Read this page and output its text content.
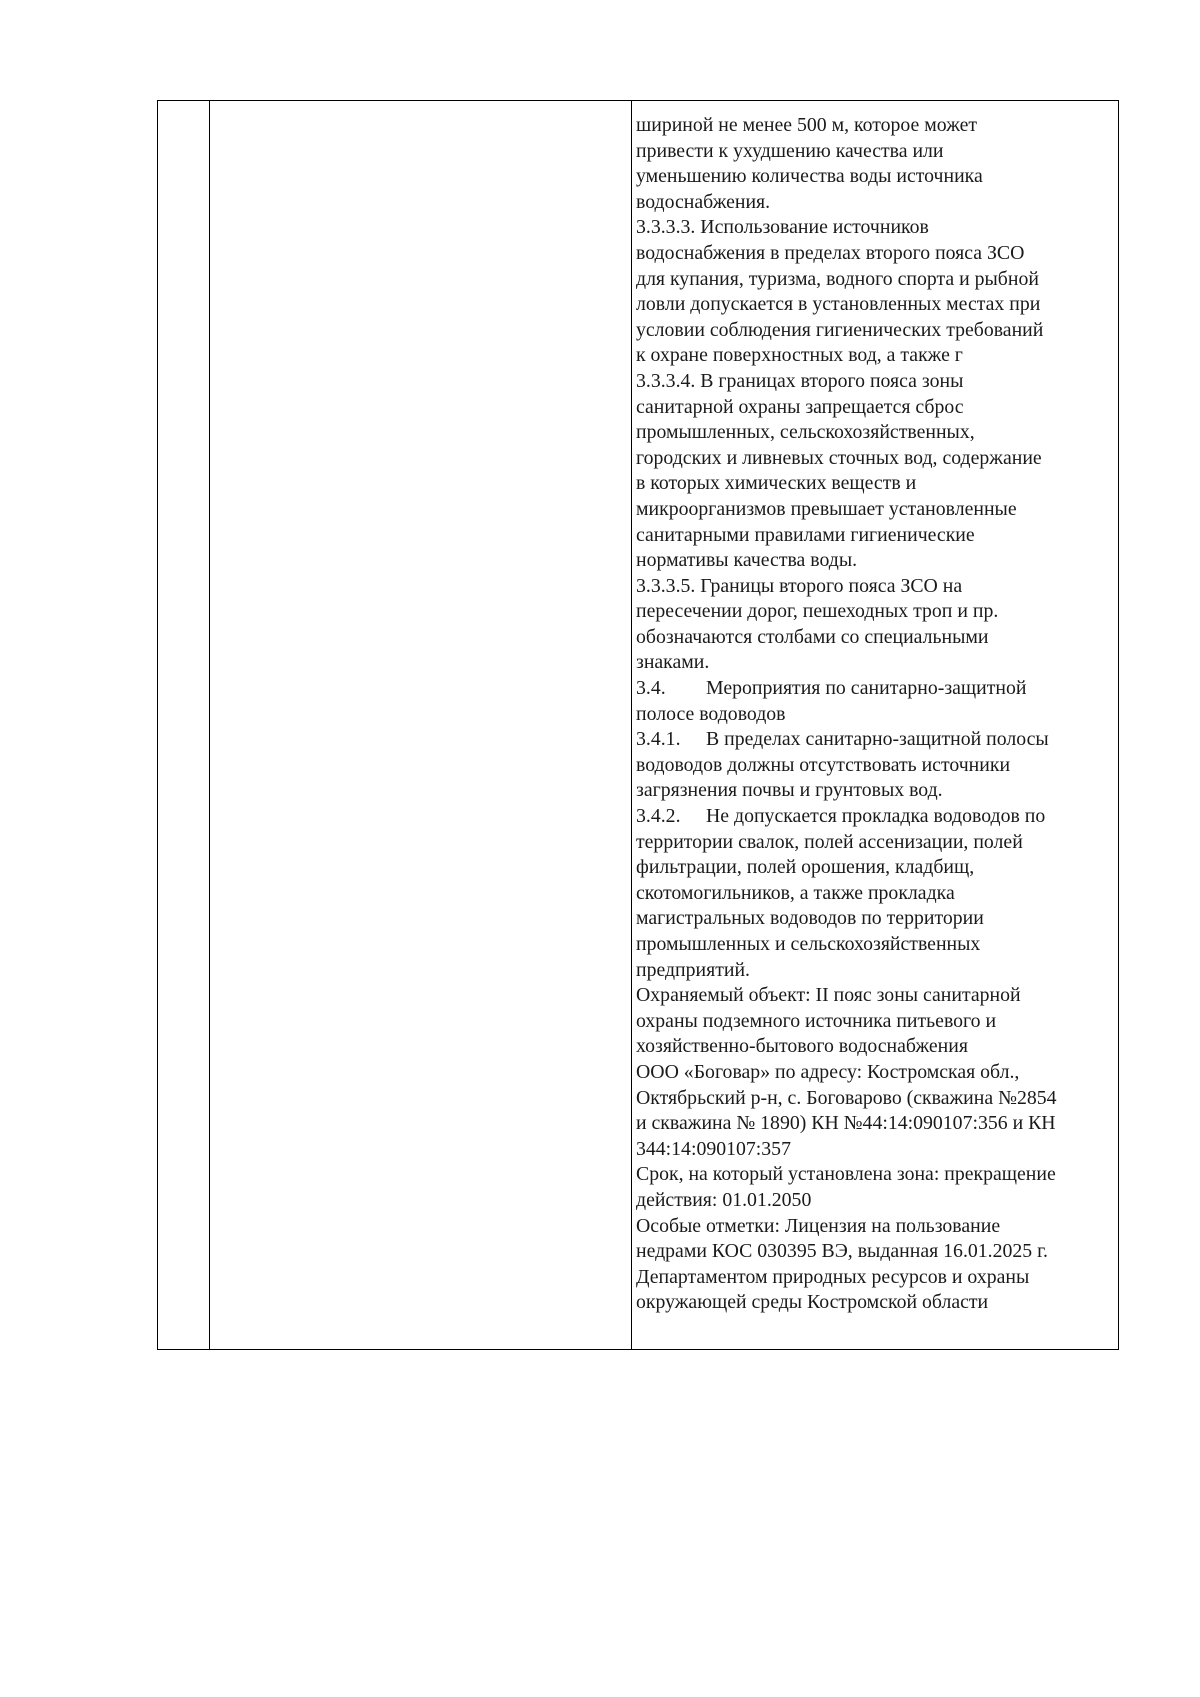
шириной не менее 500 м, которое может
привести к ухудшению качества или
уменьшению количества воды источника
водоснабжения.
3.3.3.3. Использование источников
водоснабжения в пределах второго пояса ЗСО
для купания, туризма, водного спорта и рыбной
ловли допускается в установленных местах при
условии соблюдения гигиенических требований
к охране поверхностных вод, а также г
3.3.3.4. В границах второго пояса зоны
санитарной охраны запрещается сброс
промышленных, сельскохозяйственных,
городских и ливневых сточных вод, содержание
в которых химических веществ и
микроорганизмов превышает установленные
санитарными правилами гигиенические
нормативы качества воды.
3.3.3.5. Границы второго пояса ЗСО на
пересечении дорог, пешеходных троп и пр.
обозначаются столбами со специальными
знаками.
3.4. Мероприятия по санитарно-защитной
полосе водоводов
3.4.1. В пределах санитарно-защитной полосы
водоводов должны отсутствовать источники
загрязнения почвы и грунтовых вод.
3.4.2. Не допускается прокладка водоводов по
территории свалок, полей ассенизации, полей
фильтрации, полей орошения, кладбищ,
скотомогильников, а также прокладка
магистральных водоводов по территории
промышленных и сельскохозяйственных
предприятий.
Охраняемый объект: II пояс зоны санитарной
охраны подземного источника питьевого и
хозяйственно-бытового водоснабжения
ООО «Боговар» по адресу: Костромская обл.,
Октябрьский р-н, с. Боговарово (скважина №2854
и скважина № 1890) КН №44:14:090107:356 и КН
344:14:090107:357
Срок, на который установлена зона: прекращение
действия: 01.01.2050
Особые отметки: Лицензия на пользование
недрами КОС 030395 ВЭ, выданная 16.01.2025 г.
Департаментом природных ресурсов и охраны
окружающей среды Костромской области
